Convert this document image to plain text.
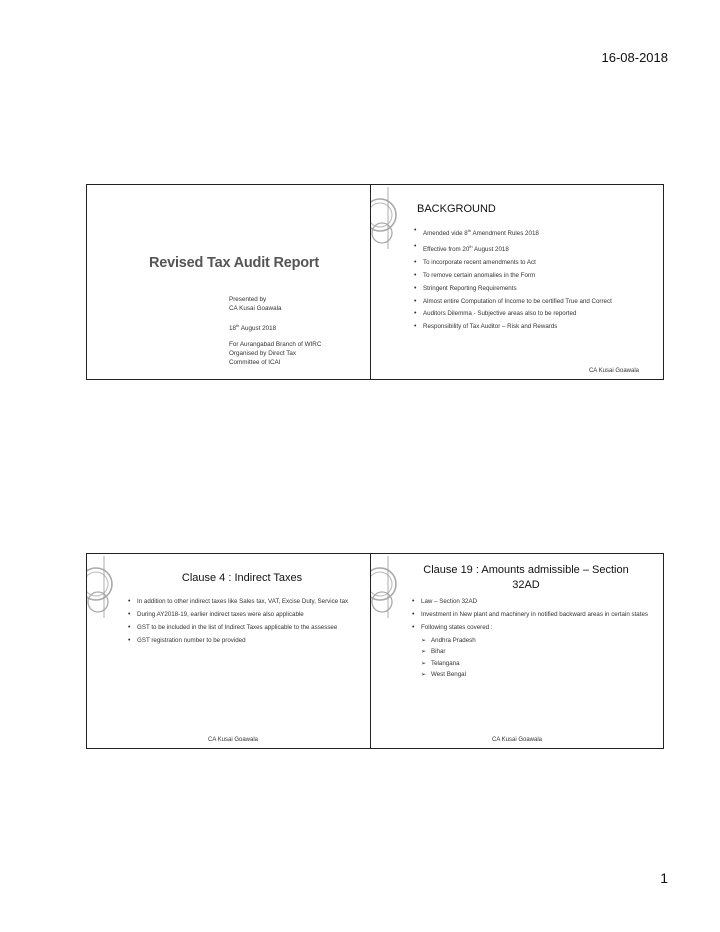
16-08-2018
Revised Tax Audit Report
Presented by
CA Kusai Goawala
18th August 2018
For Aurangabad Branch of WIRC
Organised by Direct Tax
Committee of ICAI
BACKGROUND
• Amended vide 8th Amendment Rules 2018
• Effective from 20th August 2018
• To incorporate recent amendments to Act
• To remove certain anomalies in the Form
• Stringent Reporting Requirements
• Almost entire Computation of Income to be certified True and Correct
• Auditors Dilemma - Subjective areas also to be reported
• Responsibility of Tax Auditor – Risk and Rewards
CA Kusai Goawala
Clause 4 : Indirect Taxes
• In addition to other indirect taxes like Sales tax, VAT, Excise Duty, Service tax
• During AY2018-19, earlier indirect taxes were also applicable
• GST to be included in the list of Indirect Taxes applicable to the assessee
• GST registration number to be provided
CA Kusai Goawala
Clause 19 : Amounts admissible – Section
32AD
• Law – Section 32AD
• Investment in New plant and machinery in notified backward areas in certain states
• Following states covered :
➢ Andhra Pradesh
➢ Bihar
➢ Telangana
➢ West Bengal
CA Kusai Goawala
1
